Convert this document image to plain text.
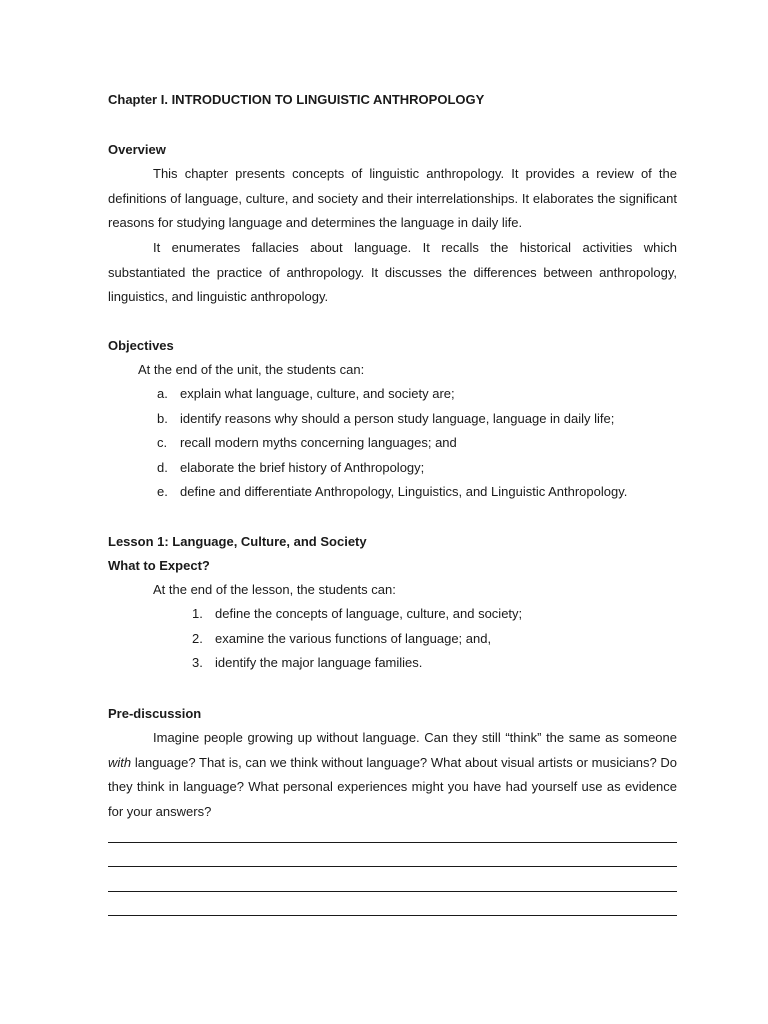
Chapter I. INTRODUCTION TO LINGUISTIC ANTHROPOLOGY
Overview

This chapter presents concepts of linguistic anthropology. It provides a review of the definitions of language, culture, and society and their interrelationships. It elaborates the significant reasons for studying language and determines the language in daily life.

It enumerates fallacies about language. It recalls the historical activities which substantiated the practice of anthropology. It discusses the differences between anthropology, linguistics, and linguistic anthropology.

Objectives
At the end of the unit, the students can:
a. explain what language, culture, and society are;
b. identify reasons why should a person study language, language in daily life;
c. recall modern myths concerning languages; and
d. elaborate the brief history of Anthropology;
e. define and differentiate Anthropology, Linguistics, and Linguistic Anthropology.
Lesson 1: Language, Culture, and Society
What to Expect?
At the end of the lesson, the students can:
1. define the concepts of language, culture, and society;
2. examine the various functions of language; and,
3. identify the major language families.
Pre-discussion

Imagine people growing up without language. Can they still “think” the same as someone with language? That is, can we think without language? What about visual artists or musicians? Do they think in language? What personal experiences might you have had yourself use as evidence for your answers?
